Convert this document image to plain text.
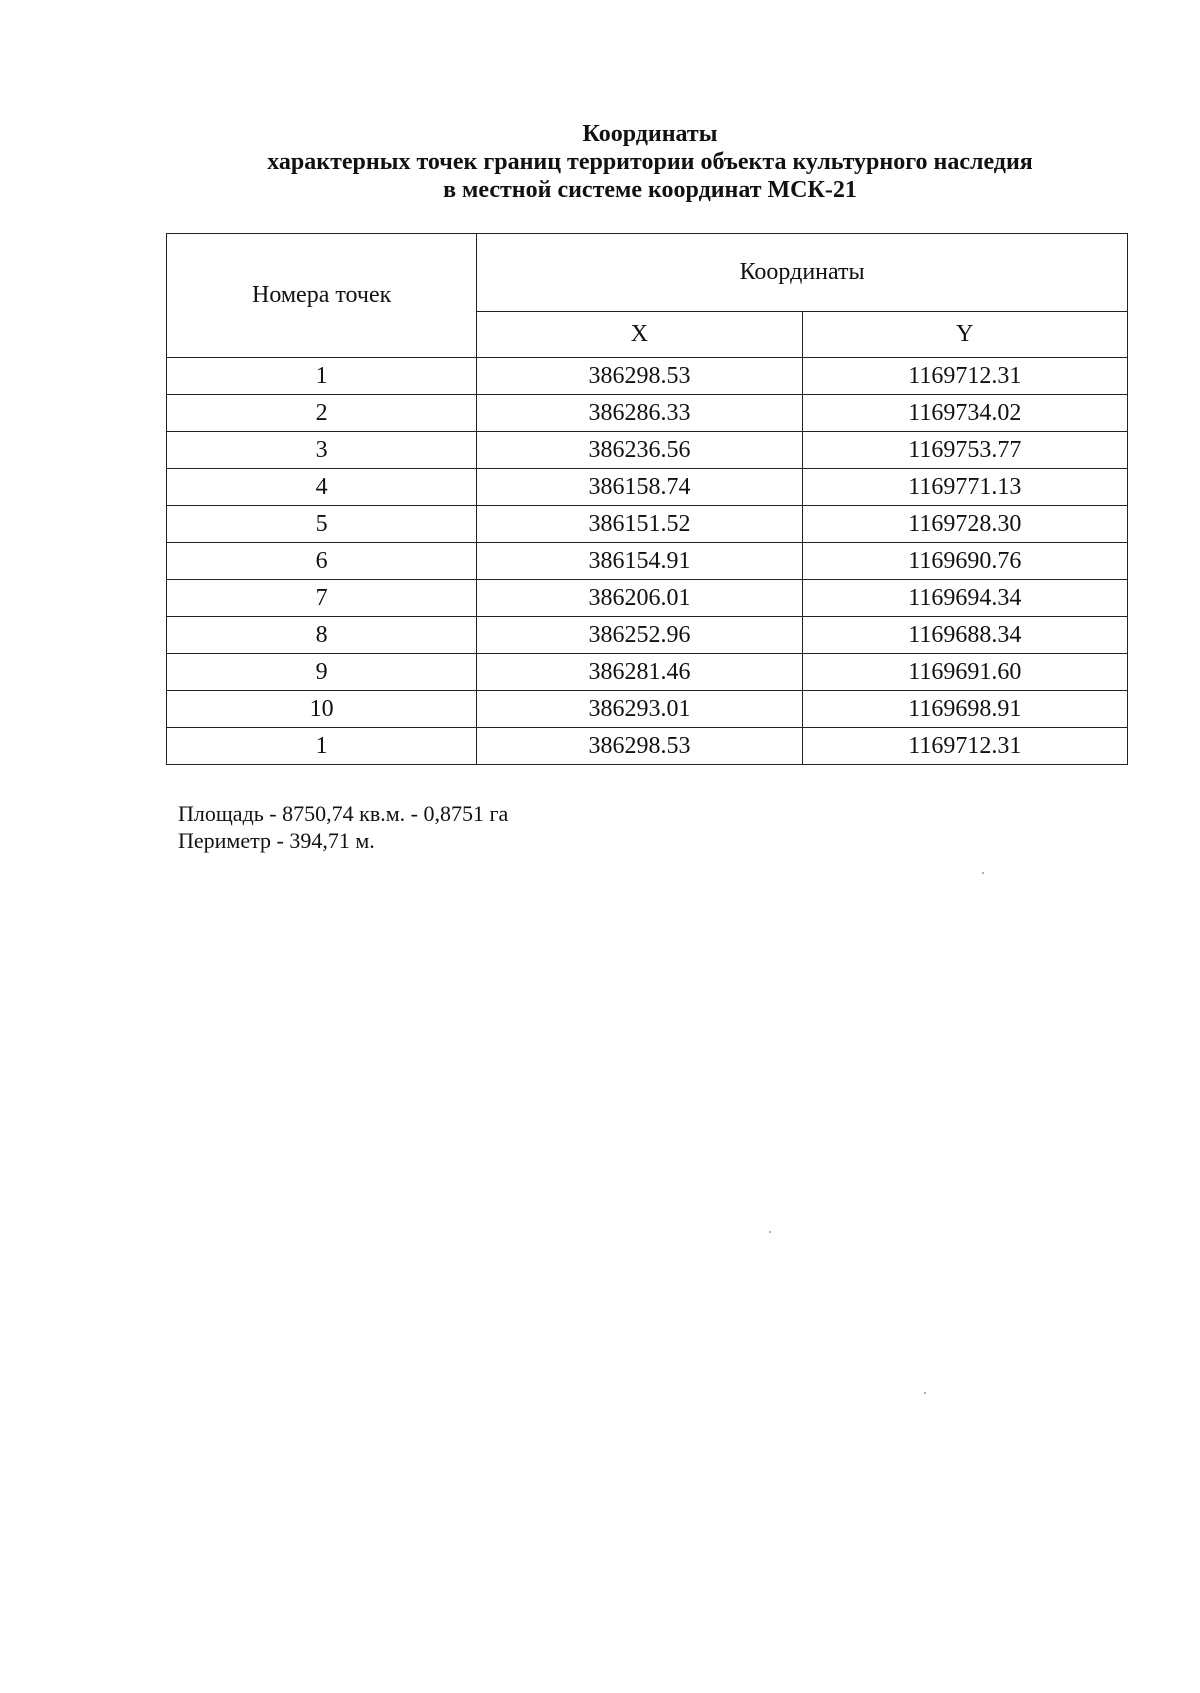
Координаты
характерных точек границ территории объекта культурного наследия
в местной системе координат МСК-21
Номера точек	Координаты	
	X	Y
1	386298.53	1169712.31
2	386286.33	1169734.02
3	386236.56	1169753.77
4	386158.74	1169771.13
5	386151.52	1169728.30
6	386154.91	1169690.76
7	386206.01	1169694.34
8	386252.96	1169688.34
9	386281.46	1169691.60
10	386293.01	1169698.91
1	386298.53	1169712.31
Площадь - 8750,74 кв.м. - 0,8751 га
Периметр - 394,71 м.
